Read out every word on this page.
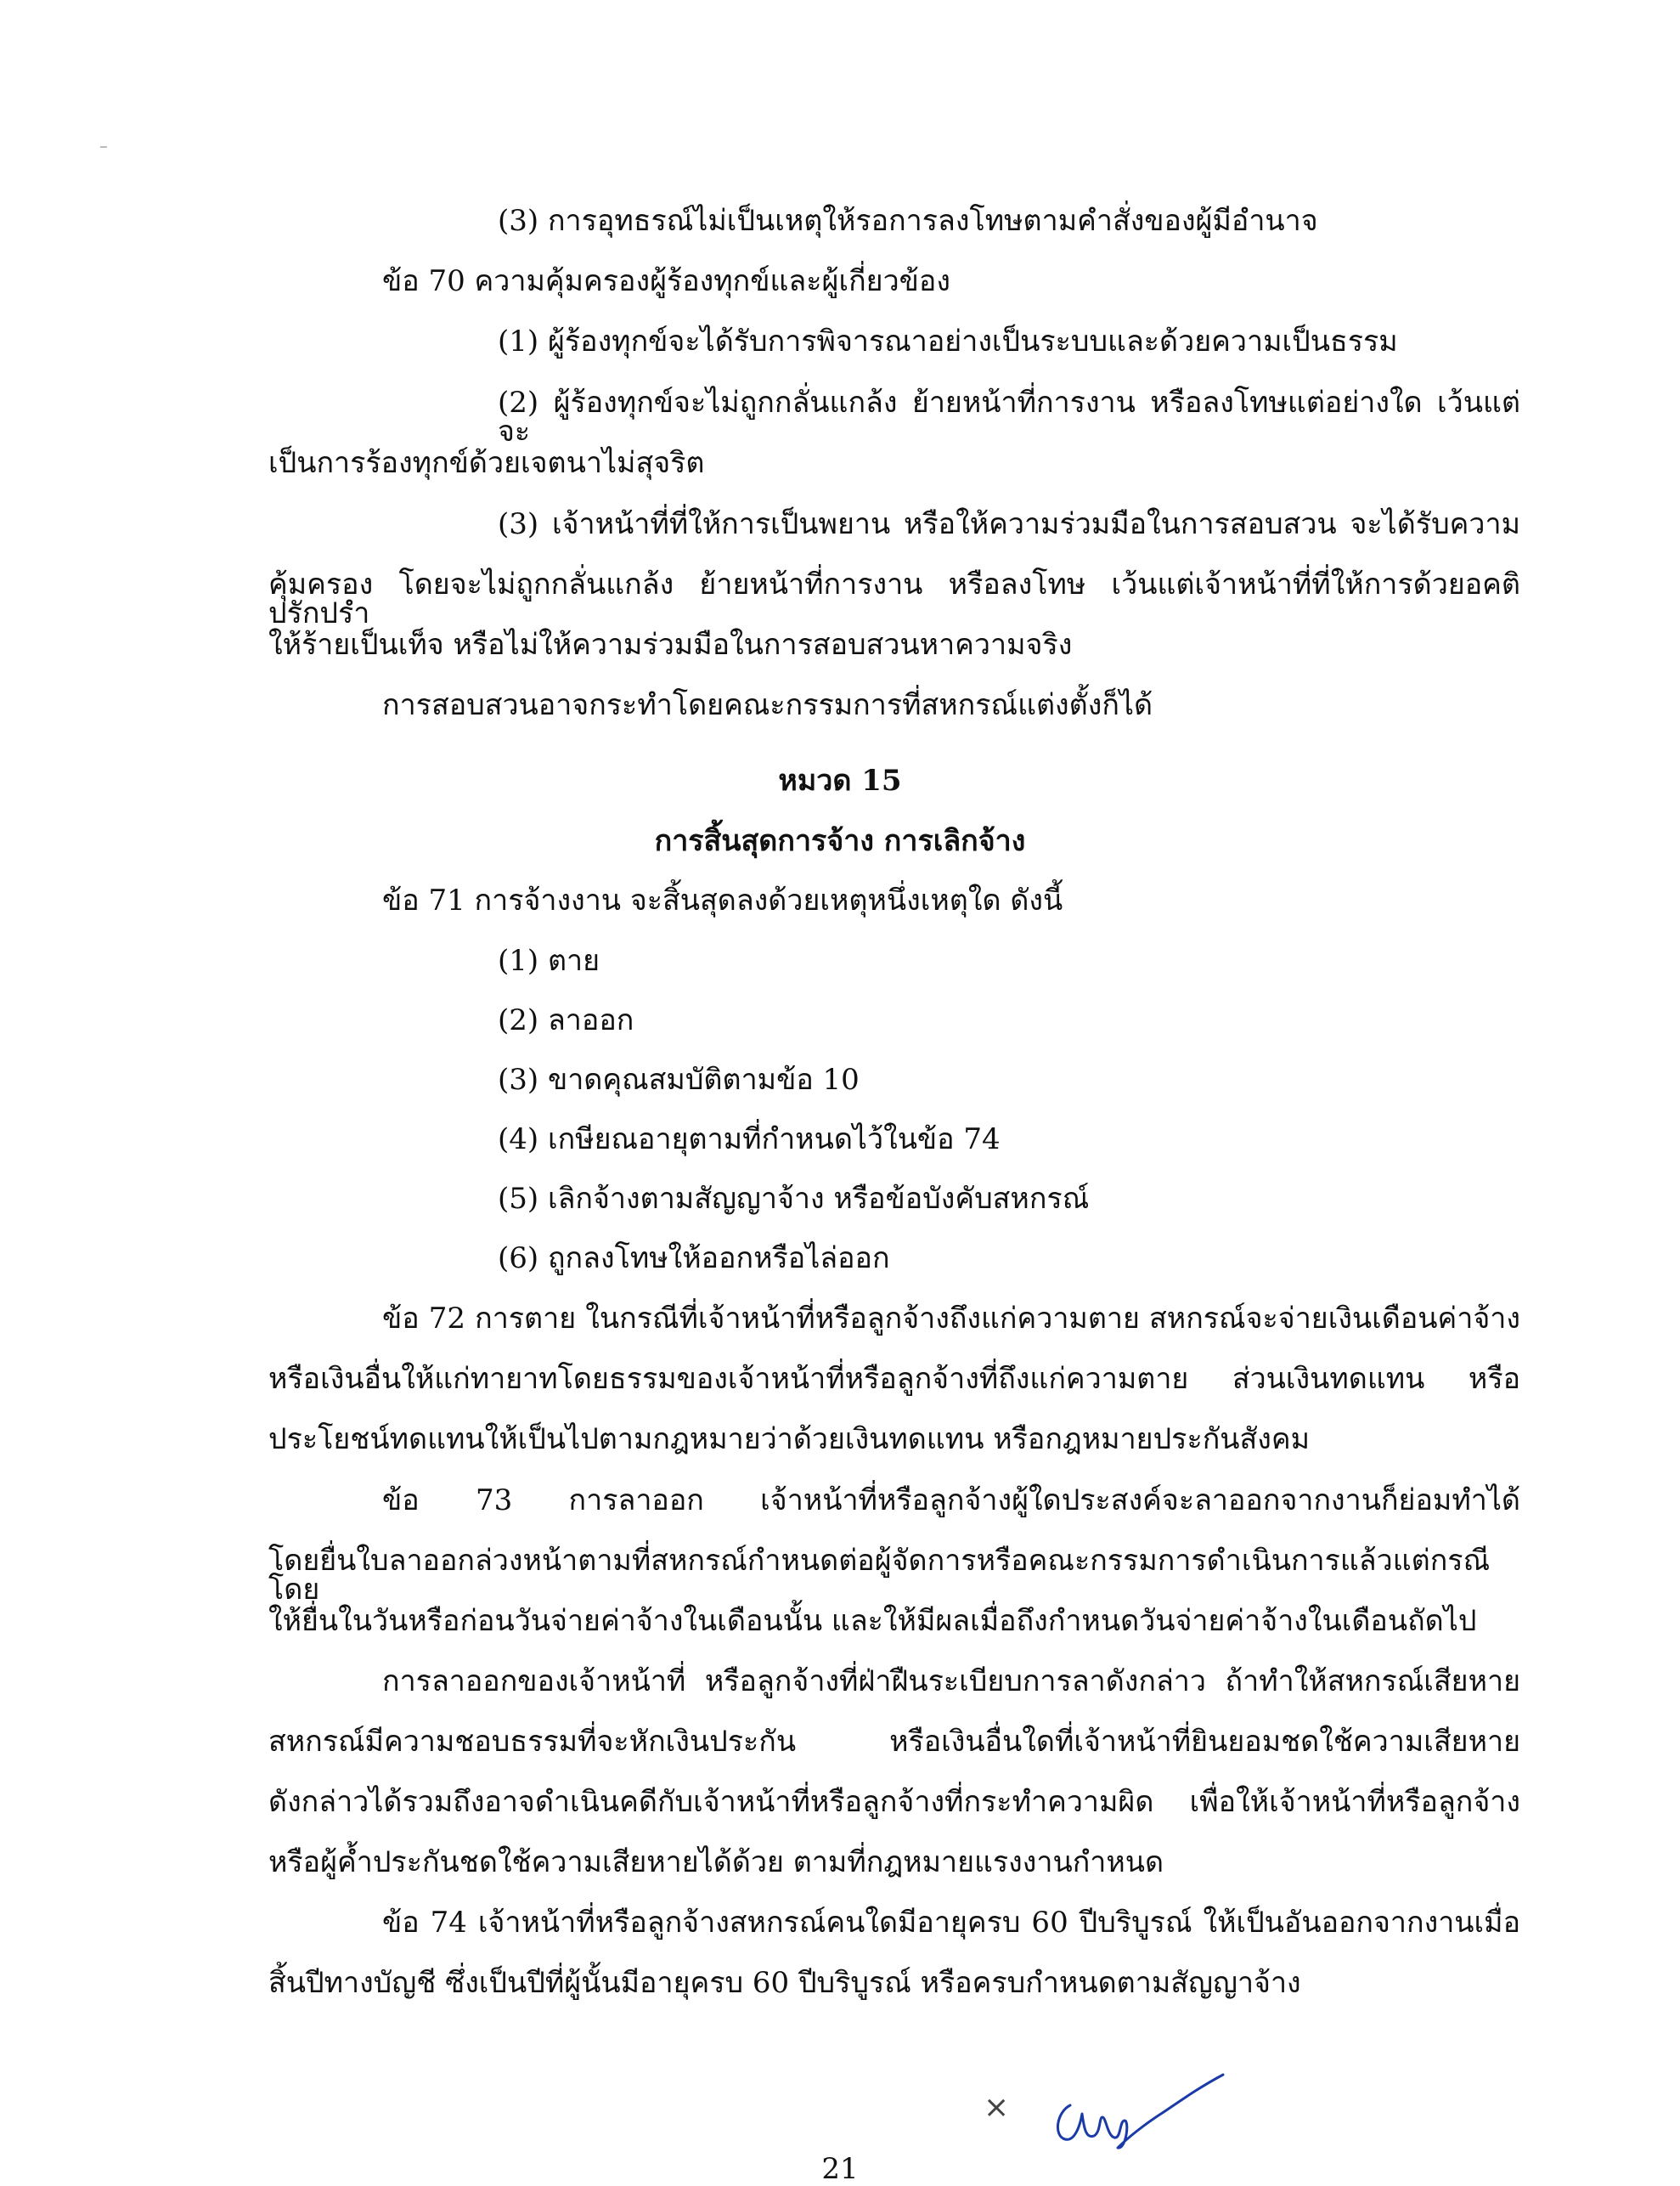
(3) การอุทธรณ์ไม่เป็นเหตุให้รอการลงโทษตามคำสั่งของผู้มีอำนาจ
ข้อ 70 ความคุ้มครองผู้ร้องทุกข์และผู้เกี่ยวข้อง
(1) ผู้ร้องทุกข์จะได้รับการพิจารณาอย่างเป็นระบบและด้วยความเป็นธรรม
(2) ผู้ร้องทุกข์จะไม่ถูกกลั่นแกล้ง ย้ายหน้าที่การงาน หรือลงโทษแต่อย่างใด เว้นแต่จะ
เป็นการร้องทุกข์ด้วยเจตนาไม่สุจริต
(3) เจ้าหน้าที่ที่ให้การเป็นพยาน หรือให้ความร่วมมือในการสอบสวน จะได้รับความ
คุ้มครอง โดยจะไม่ถูกกลั่นแกล้ง ย้ายหน้าที่การงาน หรือลงโทษ เว้นแต่เจ้าหน้าที่ที่ให้การด้วยอคติ ปรักปรำ
ให้ร้ายเป็นเท็จ หรือไม่ให้ความร่วมมือในการสอบสวนหาความจริง
การสอบสวนอาจกระทำโดยคณะกรรมการที่สหกรณ์แต่งตั้งก็ได้
หมวด 15
การสิ้นสุดการจ้าง การเลิกจ้าง
ข้อ 71 การจ้างงาน จะสิ้นสุดลงด้วยเหตุหนึ่งเหตุใด ดังนี้
(1) ตาย
(2) ลาออก
(3) ขาดคุณสมบัติตามข้อ 10
(4) เกษียณอายุตามที่กำหนดไว้ในข้อ 74
(5) เลิกจ้างตามสัญญาจ้าง หรือข้อบังคับสหกรณ์
(6) ถูกลงโทษให้ออกหรือไล่ออก
ข้อ 72 การตาย ในกรณีที่เจ้าหน้าที่หรือลูกจ้างถึงแก่ความตาย สหกรณ์จะจ่ายเงินเดือนค่าจ้าง
หรือเงินอื่นให้แก่ทายาทโดยธรรมของเจ้าหน้าที่หรือลูกจ้างที่ถึงแก่ความตาย ส่วนเงินทดแทน หรือ
ประโยชน์ทดแทนให้เป็นไปตามกฎหมายว่าด้วยเงินทดแทน หรือกฎหมายประกันสังคม
ข้อ 73 การลาออก เจ้าหน้าที่หรือลูกจ้างผู้ใดประสงค์จะลาออกจากงานก็ย่อมทำได้
โดยยื่นใบลาออกล่วงหน้าตามที่สหกรณ์กำหนดต่อผู้จัดการหรือคณะกรรมการดำเนินการแล้วแต่กรณี โดย
ให้ยื่นในวันหรือก่อนวันจ่ายค่าจ้างในเดือนนั้น และให้มีผลเมื่อถึงกำหนดวันจ่ายค่าจ้างในเดือนถัดไป
การลาออกของเจ้าหน้าที่ หรือลูกจ้างที่ฝ่าฝืนระเบียบการลาดังกล่าว ถ้าทำให้สหกรณ์เสียหาย
สหกรณ์มีความชอบธรรมที่จะหักเงินประกัน หรือเงินอื่นใดที่เจ้าหน้าที่ยินยอมชดใช้ความเสียหาย
ดังกล่าวได้รวมถึงอาจดำเนินคดีกับเจ้าหน้าที่หรือลูกจ้างที่กระทำความผิด เพื่อให้เจ้าหน้าที่หรือลูกจ้าง
หรือผู้ค้ำประกันชดใช้ความเสียหายได้ด้วย ตามที่กฎหมายแรงงานกำหนด
ข้อ 74 เจ้าหน้าที่หรือลูกจ้างสหกรณ์คนใดมีอายุครบ 60 ปีบริบูรณ์ ให้เป็นอันออกจากงานเมื่อ
สิ้นปีทางบัญชี ซึ่งเป็นปีที่ผู้นั้นมีอายุครบ 60 ปีบริบูรณ์ หรือครบกำหนดตามสัญญาจ้าง
×
21
